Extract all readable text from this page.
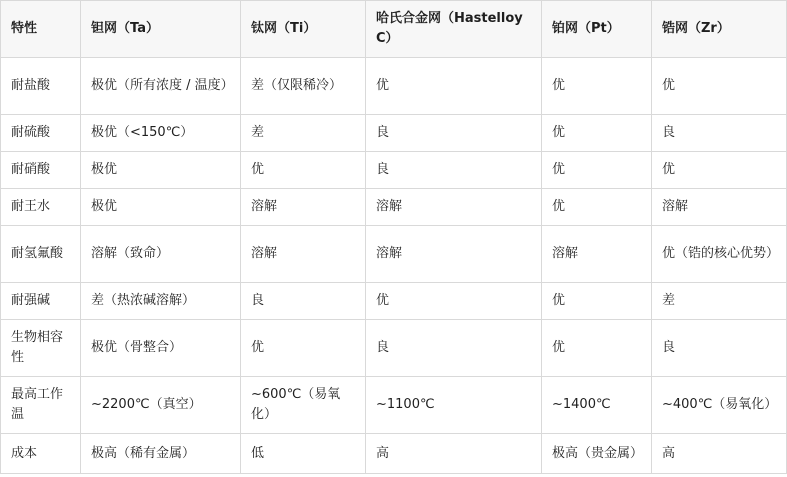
特性	钽网（Ta）	钛网（Ti）	哈氏合金网（Hastelloy C）	铂网（Pt）	锆网（Zr）
耐盐酸	极优（所有浓度 / 温度）	差（仅限稀冷）	优	优	优
耐硫酸	极优（<150℃）	差	良	优	良
耐硝酸	极优	优	良	优	优
耐王水	极优	溶解	溶解	优	溶解
耐氢氟酸	溶解（致命）	溶解	溶解	溶解	优（锆的核心优势）
耐强碱	差（热浓碱溶解）	良	优	优	差
生物相容性	极优（骨整合）	优	良	优	良
最高工作温	~2200℃（真空）	~600℃（易氧化）	~1100℃	~1400℃	~400℃（易氧化）
成本	极高（稀有金属）	低	高	极高（贵金属）	高
